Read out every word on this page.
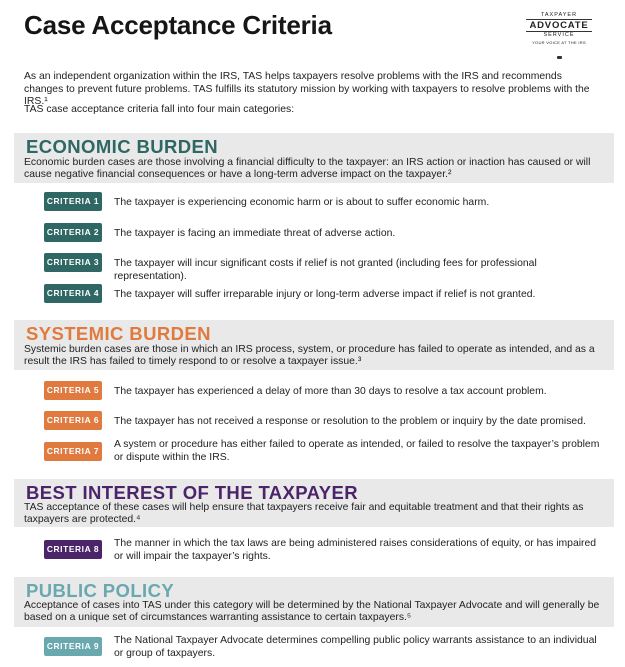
Case Acceptance Criteria	TAXPAYER
ADVOCATE
SERVICE
YOUR VOICE AT THE IRS

As an independent organization within the IRS, TAS helps taxpayers resolve problems with the IRS and recommends changes to prevent future problems. TAS fulfills its statutory mission by working with taxpayers to resolve problems with the IRS.¹

TAS case acceptance criteria fall into four main categories:

ECONOMIC BURDEN

Economic burden cases are those involving a financial difficulty to the taxpayer: an IRS action or inaction has caused or will cause negative financial consequences or have a long-term adverse impact on the taxpayer.²

CRITERIA 1 The taxpayer is experiencing economic harm or is about to suffer economic harm.

CRITERIA 2 The taxpayer is facing an immediate threat of adverse action.

CRITERIA 3 The taxpayer will incur significant costs if relief is not granted (including fees for professional representation).

CRITERIA 4 The taxpayer will suffer irreparable injury or long-term adverse impact if relief is not granted.

SYSTEMIC BURDEN

Systemic burden cases are those in which an IRS process, system, or procedure has failed to operate as intended, and as a result the IRS has failed to timely respond to or resolve a taxpayer issue.³

CRITERIA 5 The taxpayer has experienced a delay of more than 30 days to resolve a tax account problem.

CRITERIA 6 The taxpayer has not received a response or resolution to the problem or inquiry by the date promised.

CRITERIA 7

A system or procedure has either failed to operate as intended, or failed to resolve the taxpayer’s problem or dispute within the IRS.

BEST INTEREST OF THE TAXPAYER

TAS acceptance of these cases will help ensure that taxpayers receive fair and equitable treatment and that their rights as taxpayers are protected.⁴

CRITERIA 8 The manner in which the tax laws are being administered raises considerations of equity, or has impaired or will impair the taxpayer’s rights.

PUBLIC POLICY

Acceptance of cases into TAS under this category will be determined by the National Taxpayer Advocate and will generally be based on a unique set of circumstances warranting assistance to certain taxpayers.⁵

CRITERIA 9 The National Taxpayer Advocate determines compelling public policy warrants assistance to an individual or group of taxpayers.
